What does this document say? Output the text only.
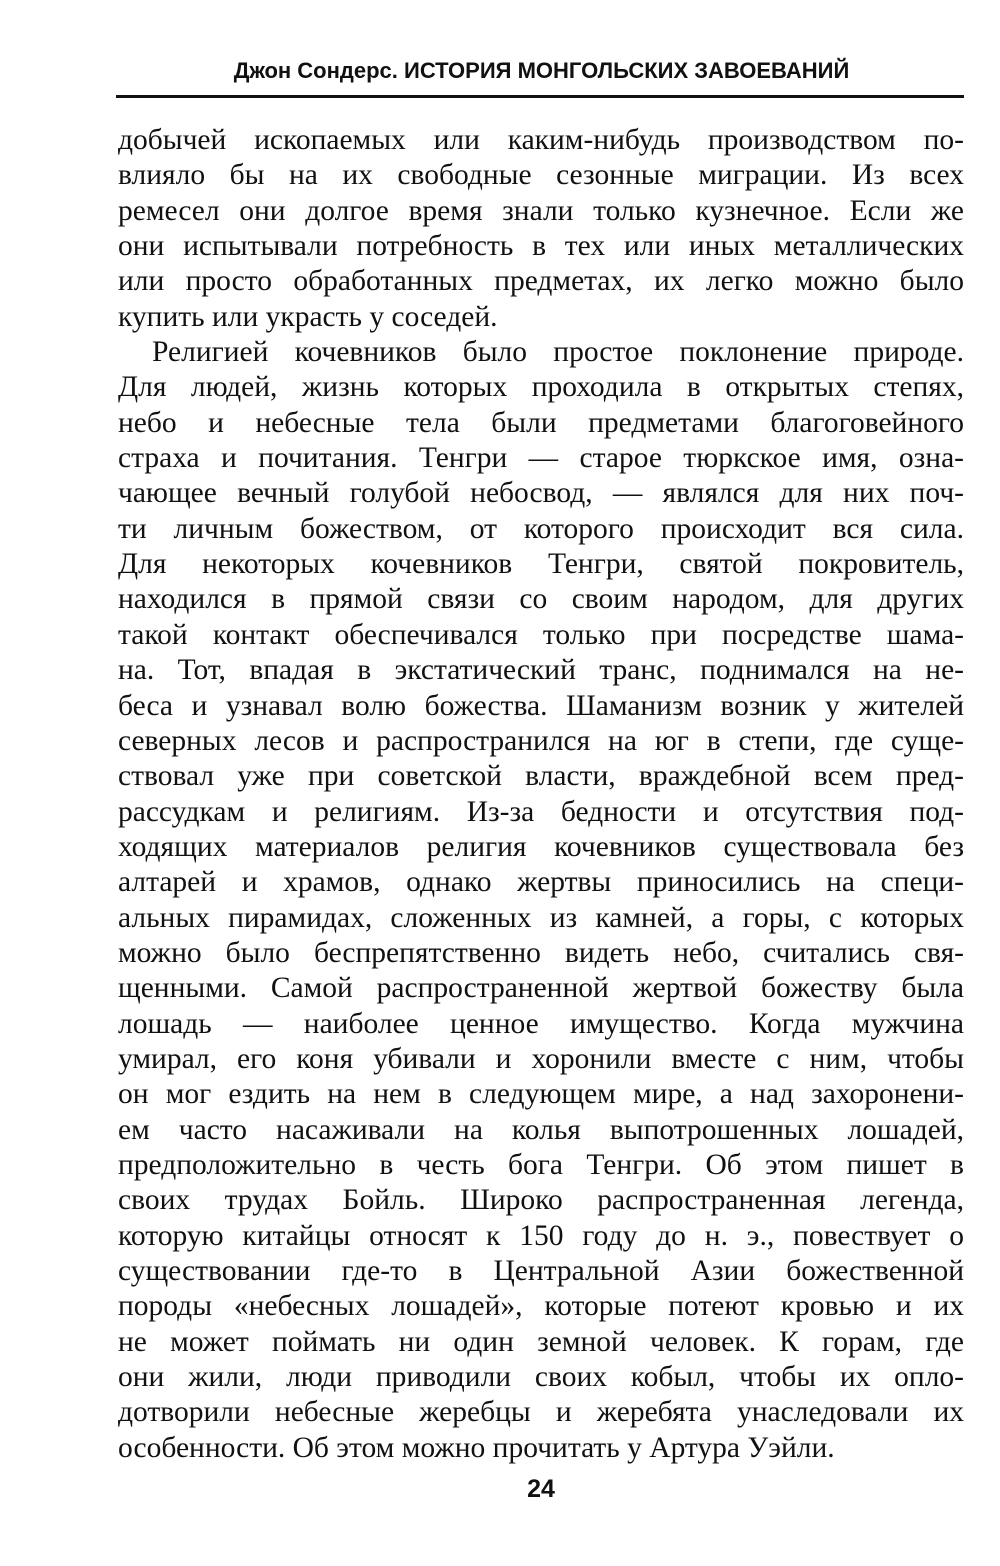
Джон Сондерс. ИСТОРИЯ МОНГОЛЬСКИХ ЗАВОЕВАНИЙ
добычей ископаемых или каким-нибудь производством по-
влияло бы на их свободные сезонные миграции. Из всех
ремесел они долгое время знали только кузнечное. Если же
они испытывали потребность в тех или иных металлических
или просто обработанных предметах, их легко можно было
купить или украсть у соседей.
Религией кочевников было простое поклонение природе.
Для людей, жизнь которых проходила в открытых степях,
небо и небесные тела были предметами благоговейного
страха и почитания. Тенгри — старое тюркское имя, озна-
чающее вечный голубой небосвод, — являлся для них поч-
ти личным божеством, от которого происходит вся сила.
Для некоторых кочевников Тенгри, святой покровитель,
находился в прямой связи со своим народом, для других
такой контакт обеспечивался только при посредстве шама-
на. Тот, впадая в экстатический транс, поднимался на не-
беса и узнавал волю божества. Шаманизм возник у жителей
северных лесов и распространился на юг в степи, где суще-
ствовал уже при советской власти, враждебной всем пред-
рассудкам и религиям. Из-за бедности и отсутствия под-
ходящих материалов религия кочевников существовала без
алтарей и храмов, однако жертвы приносились на специ-
альных пирамидах, сложенных из камней, а горы, с которых
можно было беспрепятственно видеть небо, считались свя-
щенными. Самой распространенной жертвой божеству была
лошадь — наиболее ценное имущество. Когда мужчина
умирал, его коня убивали и хоронили вместе с ним, чтобы
он мог ездить на нем в следующем мире, а над захоронени-
ем часто насаживали на колья выпотрошенных лошадей,
предположительно в честь бога Тенгри. Об этом пишет в
своих трудах Бойль. Широко распространенная легенда,
которую китайцы относят к 150 году до н. э., повествует о
существовании где-то в Центральной Азии божественной
породы «небесных лошадей», которые потеют кровью и их
не может поймать ни один земной человек. К горам, где
они жили, люди приводили своих кобыл, чтобы их опло-
дотворили небесные жеребцы и жеребята унаследовали их
особенности. Об этом можно прочитать у Артура Уэйли.
24
